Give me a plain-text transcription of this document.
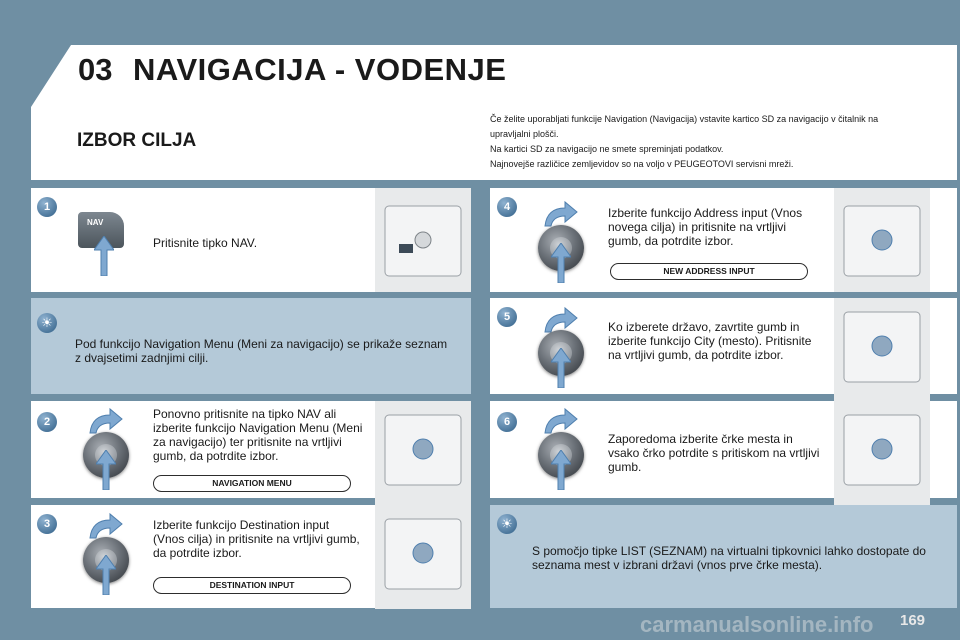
03 NAVIGACIJA - VODENJE
IZBOR CILJA
Če želite uporabljati funkcije Navigation (Navigacija) vstavite kartico SD za navigacijo v čitalnik na
upravljalni plošči.
Na kartici SD za navigacijo ne smete spreminjati podatkov.
Najnovejše različice zemljevidov so na voljo v PEUGEOTOVI servisni mreži.
1
NAV
Pritisnite tipko NAV.
☀
Pod funkcijo Navigation Menu (Meni za navigacijo) se prikaže seznam z dvajsetimi zadnjimi cilji.
2
Ponovno pritisnite na tipko NAV ali izberite funkcijo Navigation Menu (Meni za navigacijo) ter pritisnite na vrtljivi gumb, da potrdite izbor.
NAVIGATION MENU
3	Izberite funkcijo Destination input (Vnos cilja) in pritisnite na vrtljivi gumb, da potrdite izbor.
DESTINATION INPUT
4	Izberite funkcijo Address input (Vnos novega cilja) in pritisnite na vrtljivi gumb, da potrdite izbor.
NEW ADDRESS INPUT
5
Ko izberete državo, zavrtite gumb in izberite funkcijo City (mesto). Pritisnite na vrtljivi gumb, da potrdite izbor.
6
Zaporedoma izberite črke mesta in vsako črko potrdite s pritiskom na vrtljivi gumb.
☀
S pomočjo tipke LIST (SEZNAM) na virtualni tipkovnici lahko dostopate do seznama mest v izbrani državi (vnos prve črke mesta).
carmanualsonline.info 169
